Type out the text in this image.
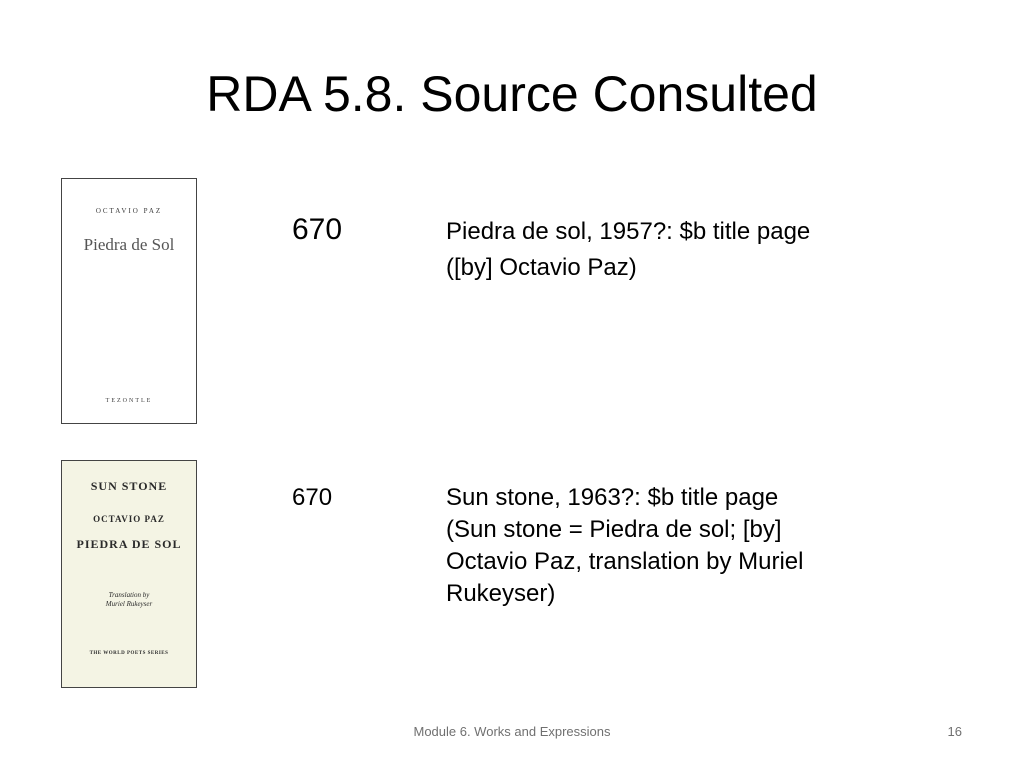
RDA 5.8. Source Consulted
OCTAVIO PAZ
Piedra de Sol
TEZONTLE
670	Piedra de sol, 1957?: $b title page
([by] Octavio Paz)
SUN STONE
OCTAVIO PAZ
PIEDRA DE SOL
Translation by
Muriel Rukeyser
THE WORLD POETS SERIES
670	Sun stone, 1963?: $b title page
(Sun stone = Piedra de sol; [by]
Octavio Paz, translation by Muriel
Rukeyser)
Module 6. Works and Expressions	16
